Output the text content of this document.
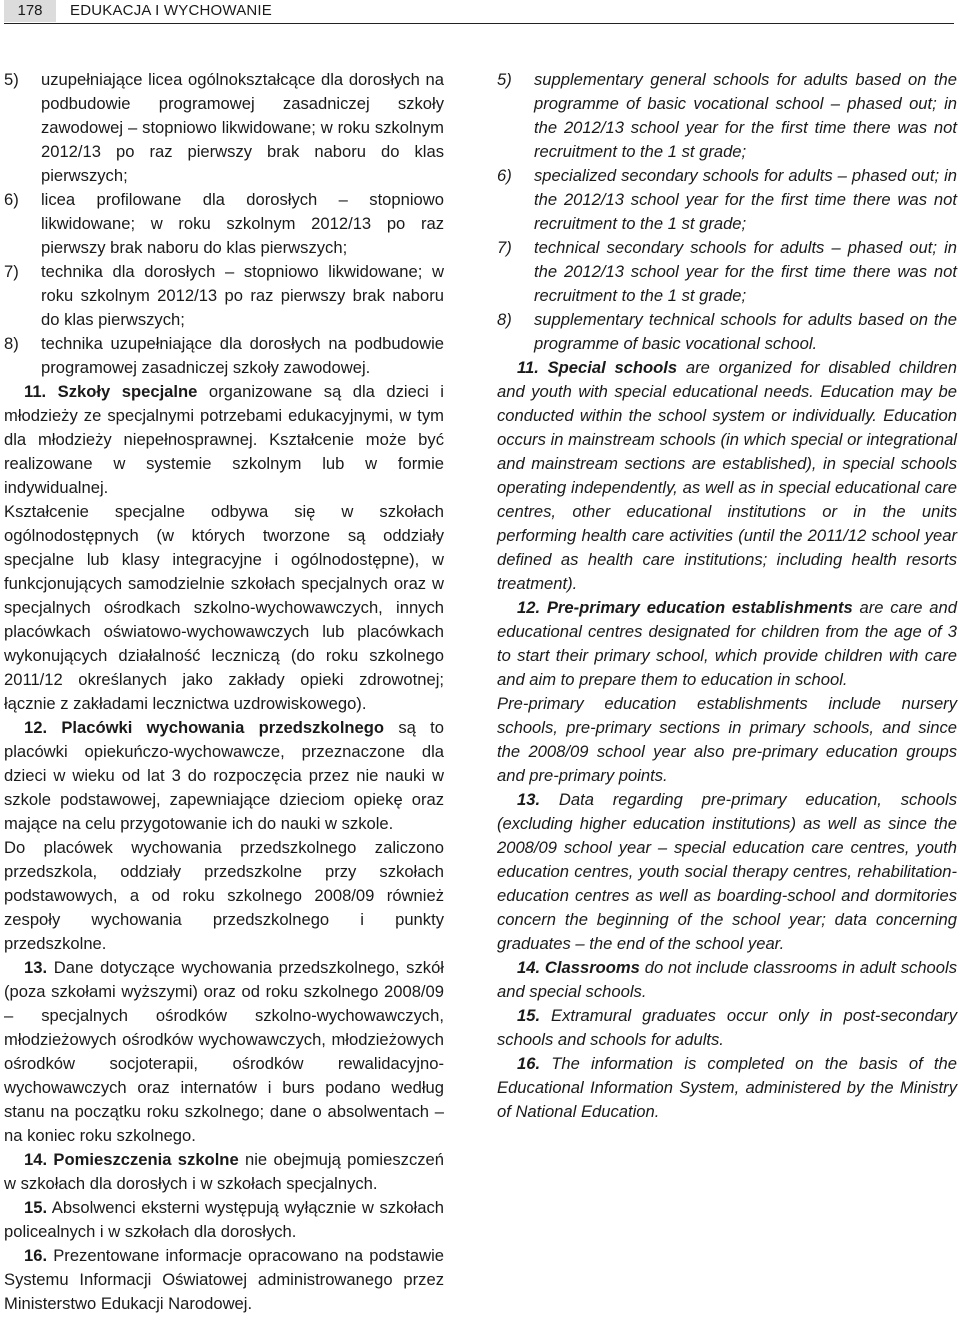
178	EDUKACJA I WYCHOWANIE
5)	uzupełniające licea ogólnokształcące dla dorosłych na podbudowie programowej zasadniczej szkoły zawodowej – stopniowo likwidowane; w roku szkolnym 2012/13 po raz pierwszy brak naboru do klas pierwszych;
6)	licea profilowane dla dorosłych – stopniowo likwidowane; w roku szkolnym 2012/13 po raz pierwszy brak naboru do klas pierwszych;
7)	technika dla dorosłych – stopniowo likwidowane; w roku szkolnym 2012/13 po raz pierwszy brak naboru do klas pierwszych;
8)	technika uzupełniające dla dorosłych na podbudowie programowej zasadniczej szkoły zawodowej.

11. Szkoły specjalne organizowane są dla dzieci i młodzieży ze specjalnymi potrzebami edukacyjnymi, w tym dla młodzieży niepełnosprawnej. Kształcenie może być realizowane w systemie szkolnym lub w formie indywidualnej.

Kształcenie specjalne odbywa się w szkołach ogólnodostępnych (w których tworzone są oddziały specjalne lub klasy integracyjne i ogólnodostępne), w funkcjonujących samodzielnie szkołach specjalnych oraz w specjalnych ośrodkach szkolno-wychowawczych, innych placówkach oświatowo-wychowawczych lub placówkach wykonujących działalność leczniczą (do roku szkolnego 2011/12 określanych jako zakłady opieki zdrowotnej; łącznie z zakładami lecznictwa uzdrowiskowego).

12. Placówki wychowania przedszkolnego są to placówki opiekuńczo-wychowawcze, przeznaczone dla dzieci w wieku od lat 3 do rozpoczęcia przez nie nauki w szkole podstawowej, zapewniające dzieciom opiekę oraz mające na celu przygotowanie ich do nauki w szkole.

Do placówek wychowania przedszkolnego zaliczono przedszkola, oddziały przedszkolne przy szkołach podstawowych, a od roku szkolnego 2008/09 również zespoły wychowania przedszkolnego i punkty przedszkolne.

13. Dane dotyczące wychowania przedszkolnego, szkół (poza szkołami wyższymi) oraz od roku szkolnego 2008/09 – specjalnych ośrodków szkolno-wychowawczych, młodzieżowych ośrodków wychowawczych, młodzieżowych ośrodków socjoterapii, ośrodków rewalidacyjno-wychowawczych oraz internatów i burs podano według stanu na początku roku szkolnego; dane o absolwentach – na koniec roku szkolnego.

14. Pomieszczenia szkolne nie obejmują pomieszczeń w szkołach dla dorosłych i w szkołach specjalnych.

15. Absolwenci eksterni występują wyłącznie w szkołach policealnych i w szkołach dla dorosłych.

16. Prezentowane informacje opracowano na podstawie Systemu Informacji Oświatowej administrowanego przez Ministerstwo Edukacji Narodowej.

5)	supplementary general schools for adults based on the programme of basic vocational school – phased out; in the 2012/13 school year for the first time there was not recruitment to the 1 st grade;
6)	specialized secondary schools for adults – phased out; in the 2012/13 school year for the first time there was not recruitment to the 1 st grade;
7)	technical secondary schools for adults – phased out; in the 2012/13 school year for the first time there was not recruitment to the 1 st grade;
8)	supplementary technical schools for adults based on the programme of basic vocational school.

11. Special schools are organized for disabled children and youth with special educational needs. Education may be conducted within the school system or individually. Education occurs in mainstream schools (in which special or integrational and mainstream sections are established), in special schools operating independently, as well as in special educational care centres, other educational institutions or in the units performing health care activities (until the 2011/12 school year defined as health care institutions; including health resorts treatment).

12. Pre-primary education establishments are care and educational centres designated for children from the age of 3 to start their primary school, which provide children with care and aim to prepare them to education in school.

Pre-primary education establishments include nursery schools, pre-primary sections in primary schools, and since the 2008/09 school year also pre-primary education groups and pre-primary points.

13. Data regarding pre-primary education, schools (excluding higher education institutions) as well as since the 2008/09 school year – special education care centres, youth education centres, youth social therapy centres, rehabilitation-education centres as well as boarding-school and dormitories concern the beginning of the school year; data concerning graduates – the end of the school year.

14. Classrooms do not include classrooms in adult schools and special schools.

15. Extramural graduates occur only in post-secondary schools and schools for adults.

16. The information is completed on the basis of the Educational Information System, administered by the Ministry of National Education.
